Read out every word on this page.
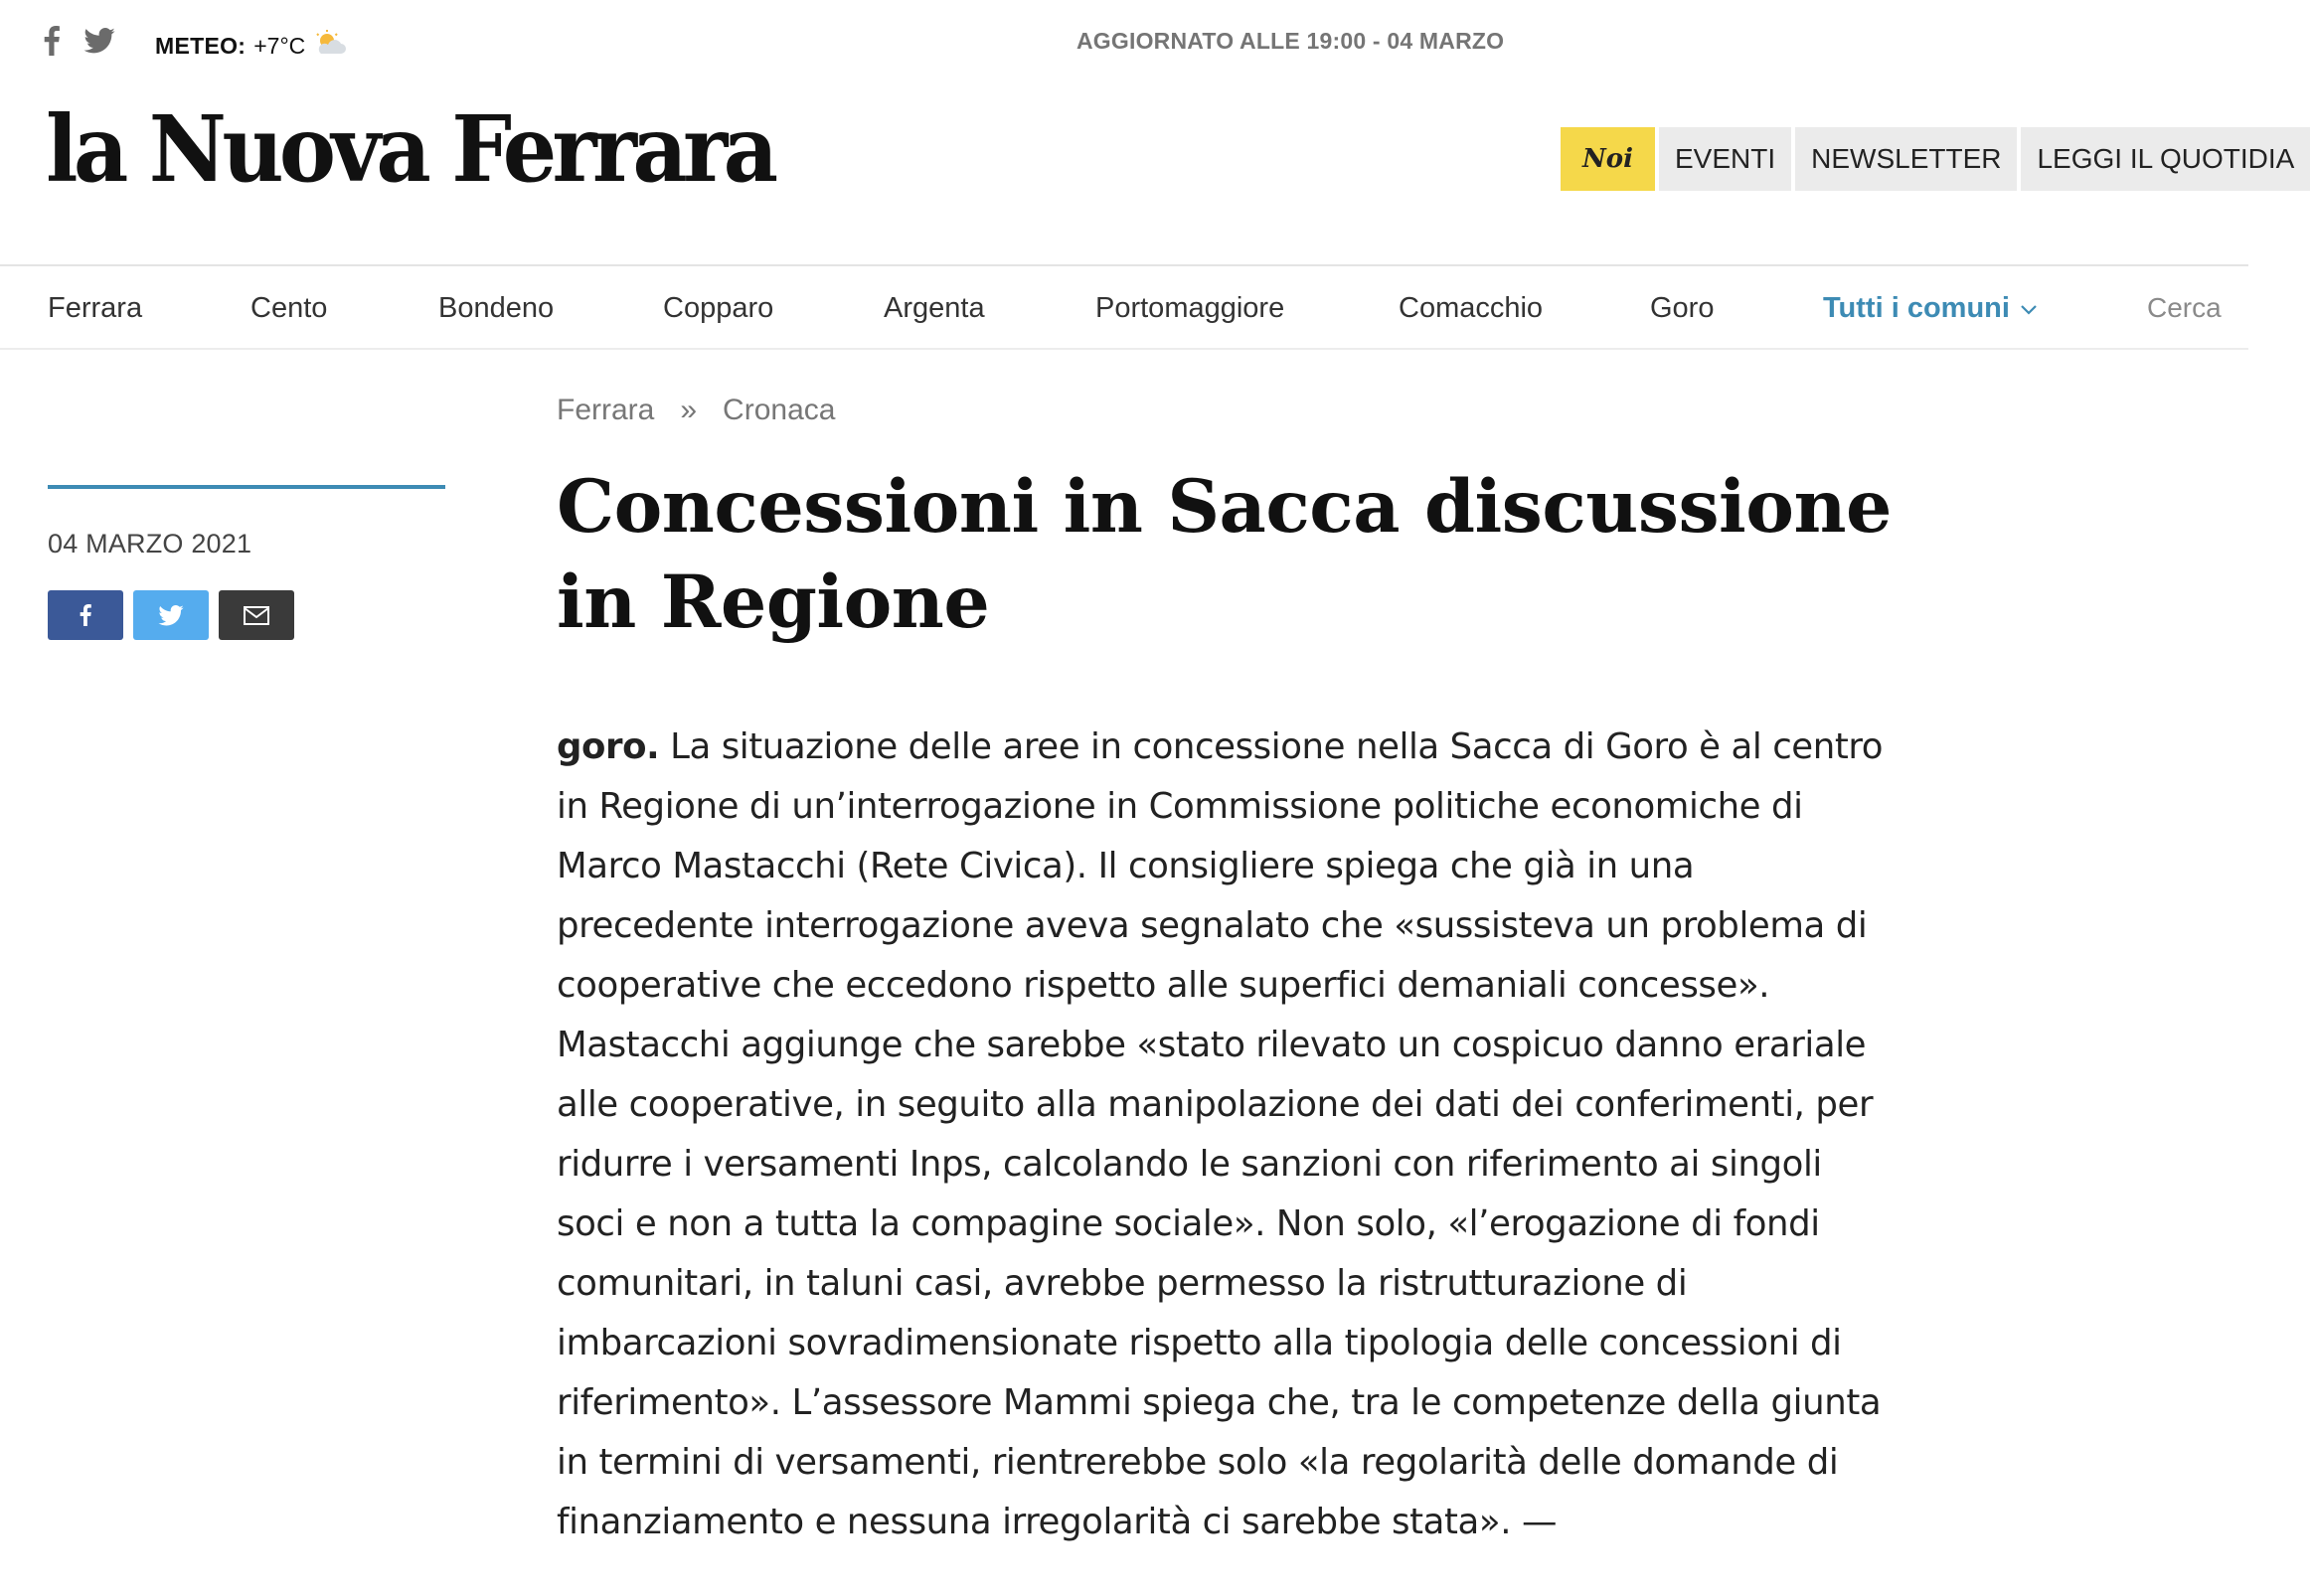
METEO: +7°C	AGGIORNATO ALLE 19:00 - 04 MARZO
la Nuova Ferrara	Noi	EVENTI	NEWSLETTER	LEGGI IL QUOTIDIA
Ferrara	Cento	Bondeno	Copparo	Argenta	Portomaggiore	Comacchio	Goro	Tutti i comuni	Cerca
04 MARZO 2021
Ferrara » Cronaca
Concessioni in Sacca discussione in Regione

goro. La situazione delle aree in concessione nella Sacca di Goro è al centro in Regione di un’interrogazione in Commissione politiche economiche di Marco Mastacchi (Rete Civica). Il consigliere spiega che già in una precedente interrogazione aveva segnalato che «sussisteva un problema di cooperative che eccedono rispetto alle superfici demaniali concesse». Mastacchi aggiunge che sarebbe «stato rilevato un cospicuo danno erariale alle cooperative, in seguito alla manipolazione dei dati dei conferimenti, per ridurre i versamenti Inps, calcolando le sanzioni con riferimento ai singoli soci e non a tutta la compagine sociale». Non solo, «l’erogazione di fondi comunitari, in taluni casi, avrebbe permesso la ristrutturazione di imbarcazioni sovradimensionate rispetto alla tipologia delle concessioni di riferimento». L’assessore Mammi spiega che, tra le competenze della giunta in termini di versamenti, rientrerebbe solo «la regolarità delle domande di finanziamento e nessuna irregolarità ci sarebbe stata». —
